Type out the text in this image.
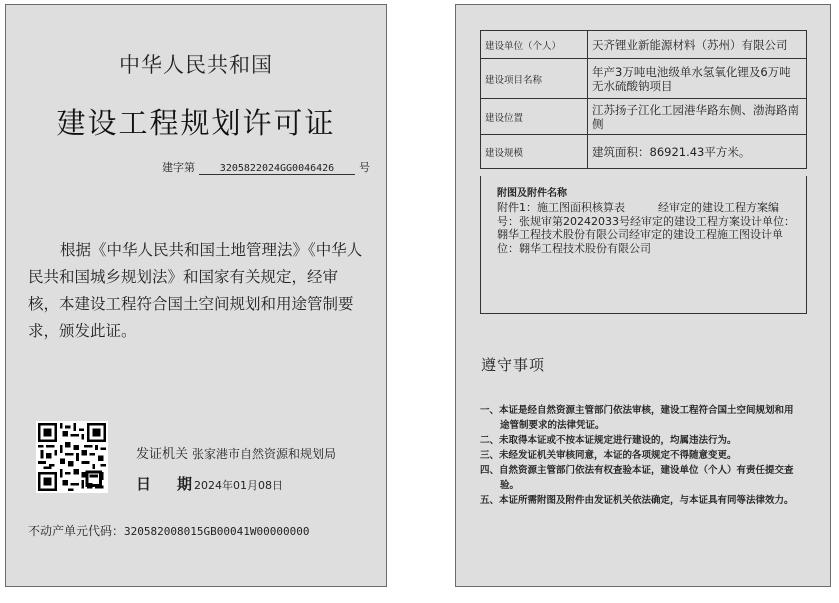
中华人民共和国
建设工程规划许可证
建字第 3205822024GG0046426 号
根据《中华人民共和国土地管理法》《中华人民共和国城乡规划法》和国家有关规定，经审核，本建设工程符合国土空间规划和用途管制要求，颁发此证。
发证机关 张家港市自然资源和规划局
日 期 2024年01月08日
不动产单元代码：320582008015GB00041W00000000
建设单位（个人）	天齐锂业新能源材料（苏州）有限公司
建设项目名称	年产3万吨电池级单水氢氧化锂及6万吨无水硫酸钠项目
建设位置	江苏扬子江化工园港华路东侧、渤海路南侧
建设规模	建筑面积：86921.43平方米。
附图及附件名称
附件1：施工图面积核算表　　　经审定的建设工程方案编号：张规审第20242033号经审定的建设工程方案设计单位：翱华工程技术股份有限公司经审定的建设工程施工图设计单位：翱华工程技术股份有限公司
遵守事项
一、本证是经自然资源主管部门依法审核，建设工程符合国土空间规划和用途管制要求的法律凭证。
二、未取得本证或不按本证规定进行建设的，均属违法行为。
三、未经发证机关审核同意，本证的各项规定不得随意变更。
四、自然资源主管部门依法有权查验本证，建设单位（个人）有责任提交查验。
五、本证所需附图及附件由发证机关依法确定，与本证具有同等法律效力。
